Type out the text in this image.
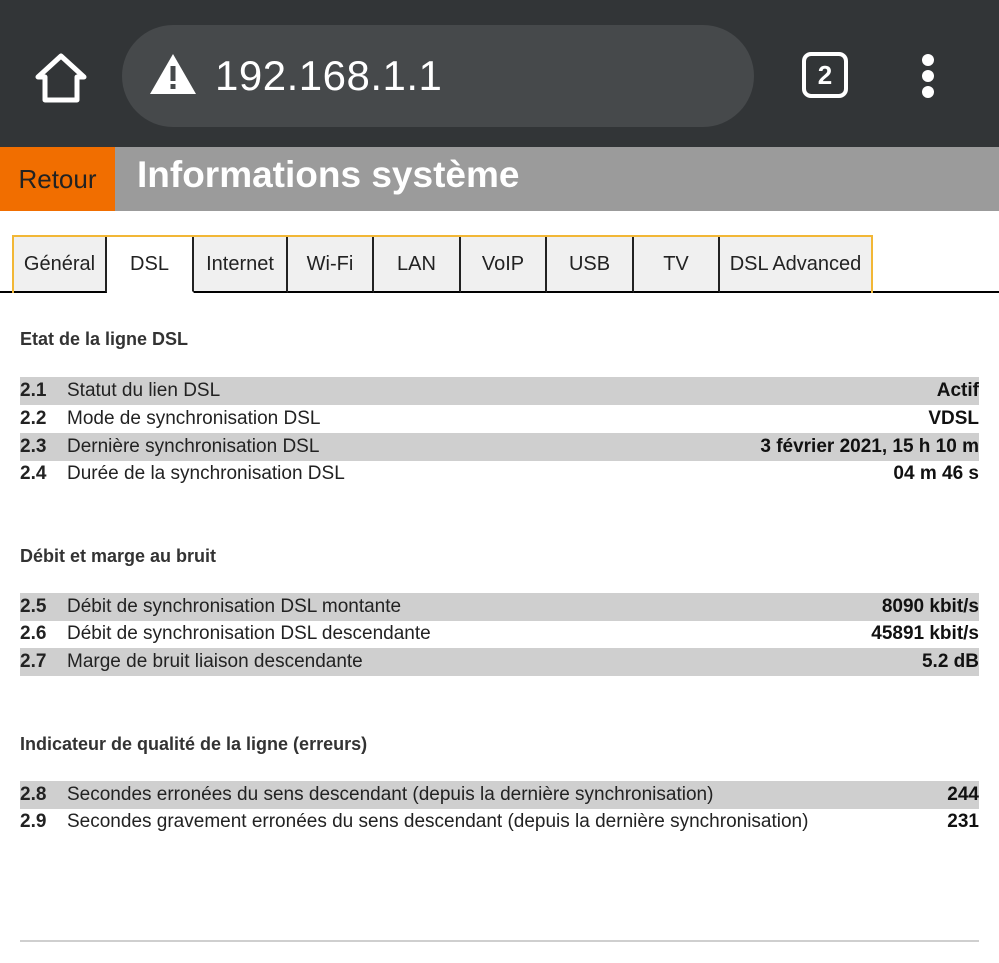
192.168.1.1	2
Retour	Informations système
Général	DSL	Internet	Wi-Fi	LAN	VoIP	USB	TV	DSL Advanced
Etat de la ligne DSL
2.1 Statut du lien DSL	Actif
2.2 Mode de synchronisation DSL	VDSL
2.3 Dernière synchronisation DSL	3 février 2021, 15 h 10 m
2.4 Durée de la synchronisation DSL	04 m 46 s
Débit et marge au bruit
2.5 Débit de synchronisation DSL montante	8090 kbit/s
2.6 Débit de synchronisation DSL descendante	45891 kbit/s
2.7 Marge de bruit liaison descendante	5.2 dB
Indicateur de qualité de la ligne (erreurs)
2.8 Secondes erronées du sens descendant (depuis la dernière synchronisation)	244
2.9 Secondes gravement erronées du sens descendant (depuis la dernière synchronisation)	231
